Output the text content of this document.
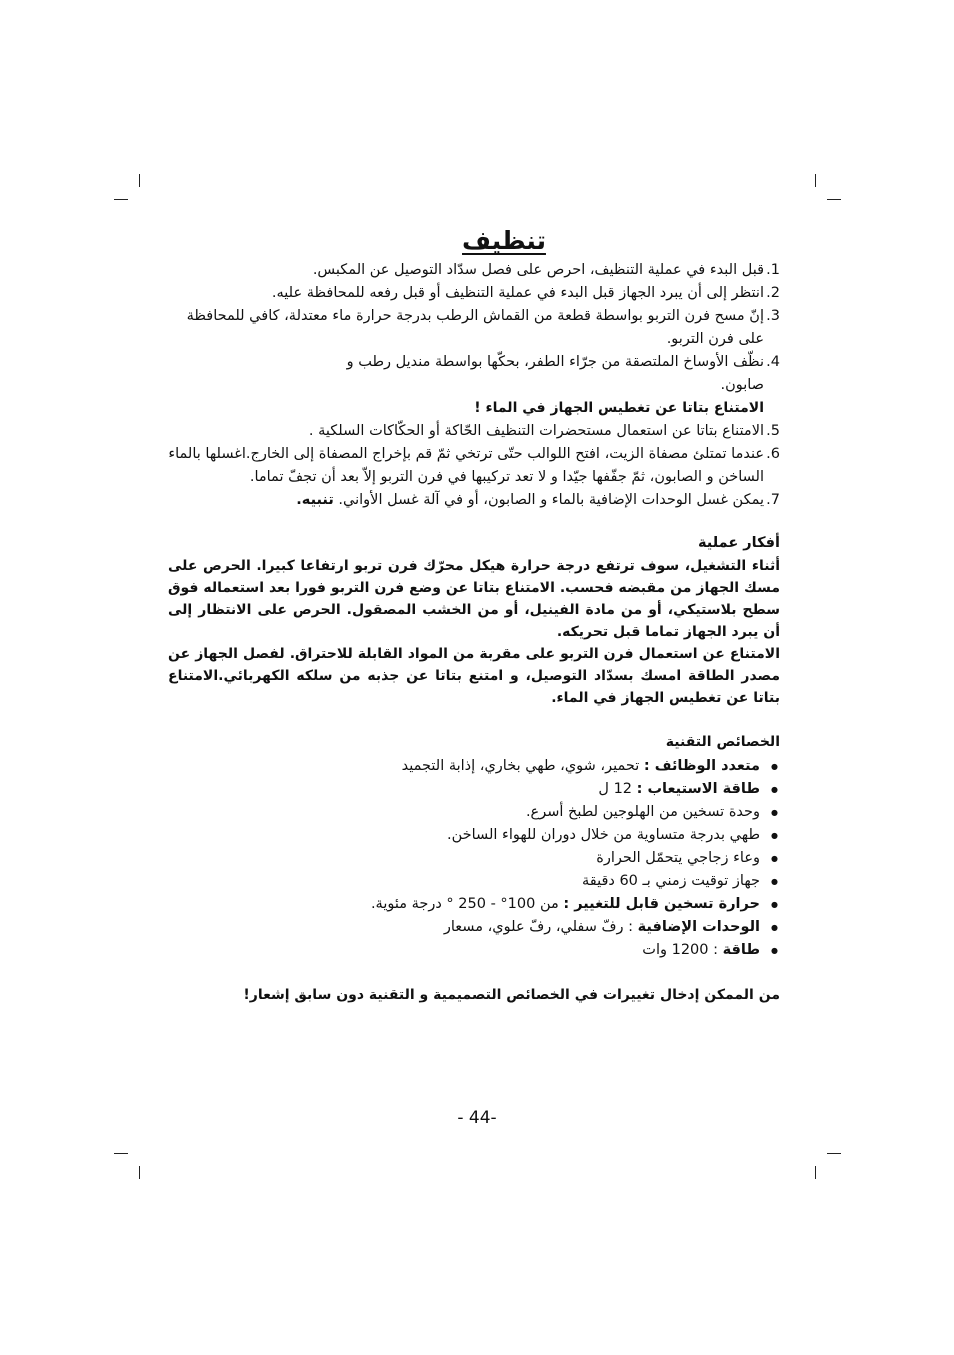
تنظيف
1.
قبل البدء في عملية التنظيف، احرص على فصل سدّاد التوصيل عن المكبس.
2.
انتظر إلى أن يبرد الجهاز قبل البدء في عملية التنظيف أو قبل رفعه للمحافظة عليه.
3.
إنّ مسح فرن التربو بواسطة قطعة من القماش الرطب بدرجة حرارة ماء معتدلة، كافي للمحافظة على فرن التربو.
4.
نظّف الأوساخ الملتصقة من جرّاء الطفر، بحكّها بواسطة منديل رطب و صابون.
الامتناع بتاتا عن تغطيس الجهاز في الماء !
5.
الامتناع بتاتا عن استعمال مستحضرات التنظيف الحّاكة أو الحكّاكات السلكية .
6.
عندما تمتلئ مصفاة الزيت، افتح اللوالب حتّى ترتخي ثمّ قم بإخراج المصفاة إلى الخارج.اغسلها بالماء الساخن و الصابون، ثمّ جفّفها جيّدا و لا تعد تركيبها في فرن التربو إلاّ بعد أن تجفّ تماما.
7.
يمكن غسل الوحدات الإضافية بالماء و الصابون، أو في آلة غسل الأواني. تنبيه.
أفكار عملية
أثناء التشغيل، سوف ترتفع درجة حرارة هيكل محرّك فرن تربو ارتفاعا كبيرا. الحرص على مسك الجهاز من مقبضه فحسب. الامتناع بتاتا عن وضع فرن التربو فورا بعد استعماله فوق سطح بلاستيكي، أو من مادة الفينيل، أو من الخشب المصقول. الحرص على الانتظار إلى أن يبرد الجهاز تماما قبل تحريكه.
الامتناع عن استعمال فرن التربو على مقربة من المواد القابلة للاحتراق. لفصل الجهاز عن مصدر الطاقة امسك بسدّاد التوصيل، و امتنع بتاتا عن جذبه من سلكه الكهربائي.الامتناع بتاتا عن تغطيس الجهاز في الماء.
الخصائص التقنية
● متعدد الوظائف : تحمير، شوي، طهي بخاري، إذابة التجميد
● طاقة الاستيعاب : 12 ل
● وحدة تسخين من الهلوجين لطبخ أسرع.
● طهي بدرجة متساوية من خلال دوران للهواء الساخن.
● وعاء زجاجي يتحمّل الحرارة
● جهاز توقيت زمني بـ 60 دقيقة
● حرارة تسخين قابل للتغيير : من 100° - 250 ° درجة مئوية.
● الوحدات الإضافية : رفّ سفلي، رفّ علوي، مسعار
● طاقة : 1200 وات
من الممكن إدخال تغييرات في الخصائص التصميمية و التقنية دون سابق إشعار!
- 44-
